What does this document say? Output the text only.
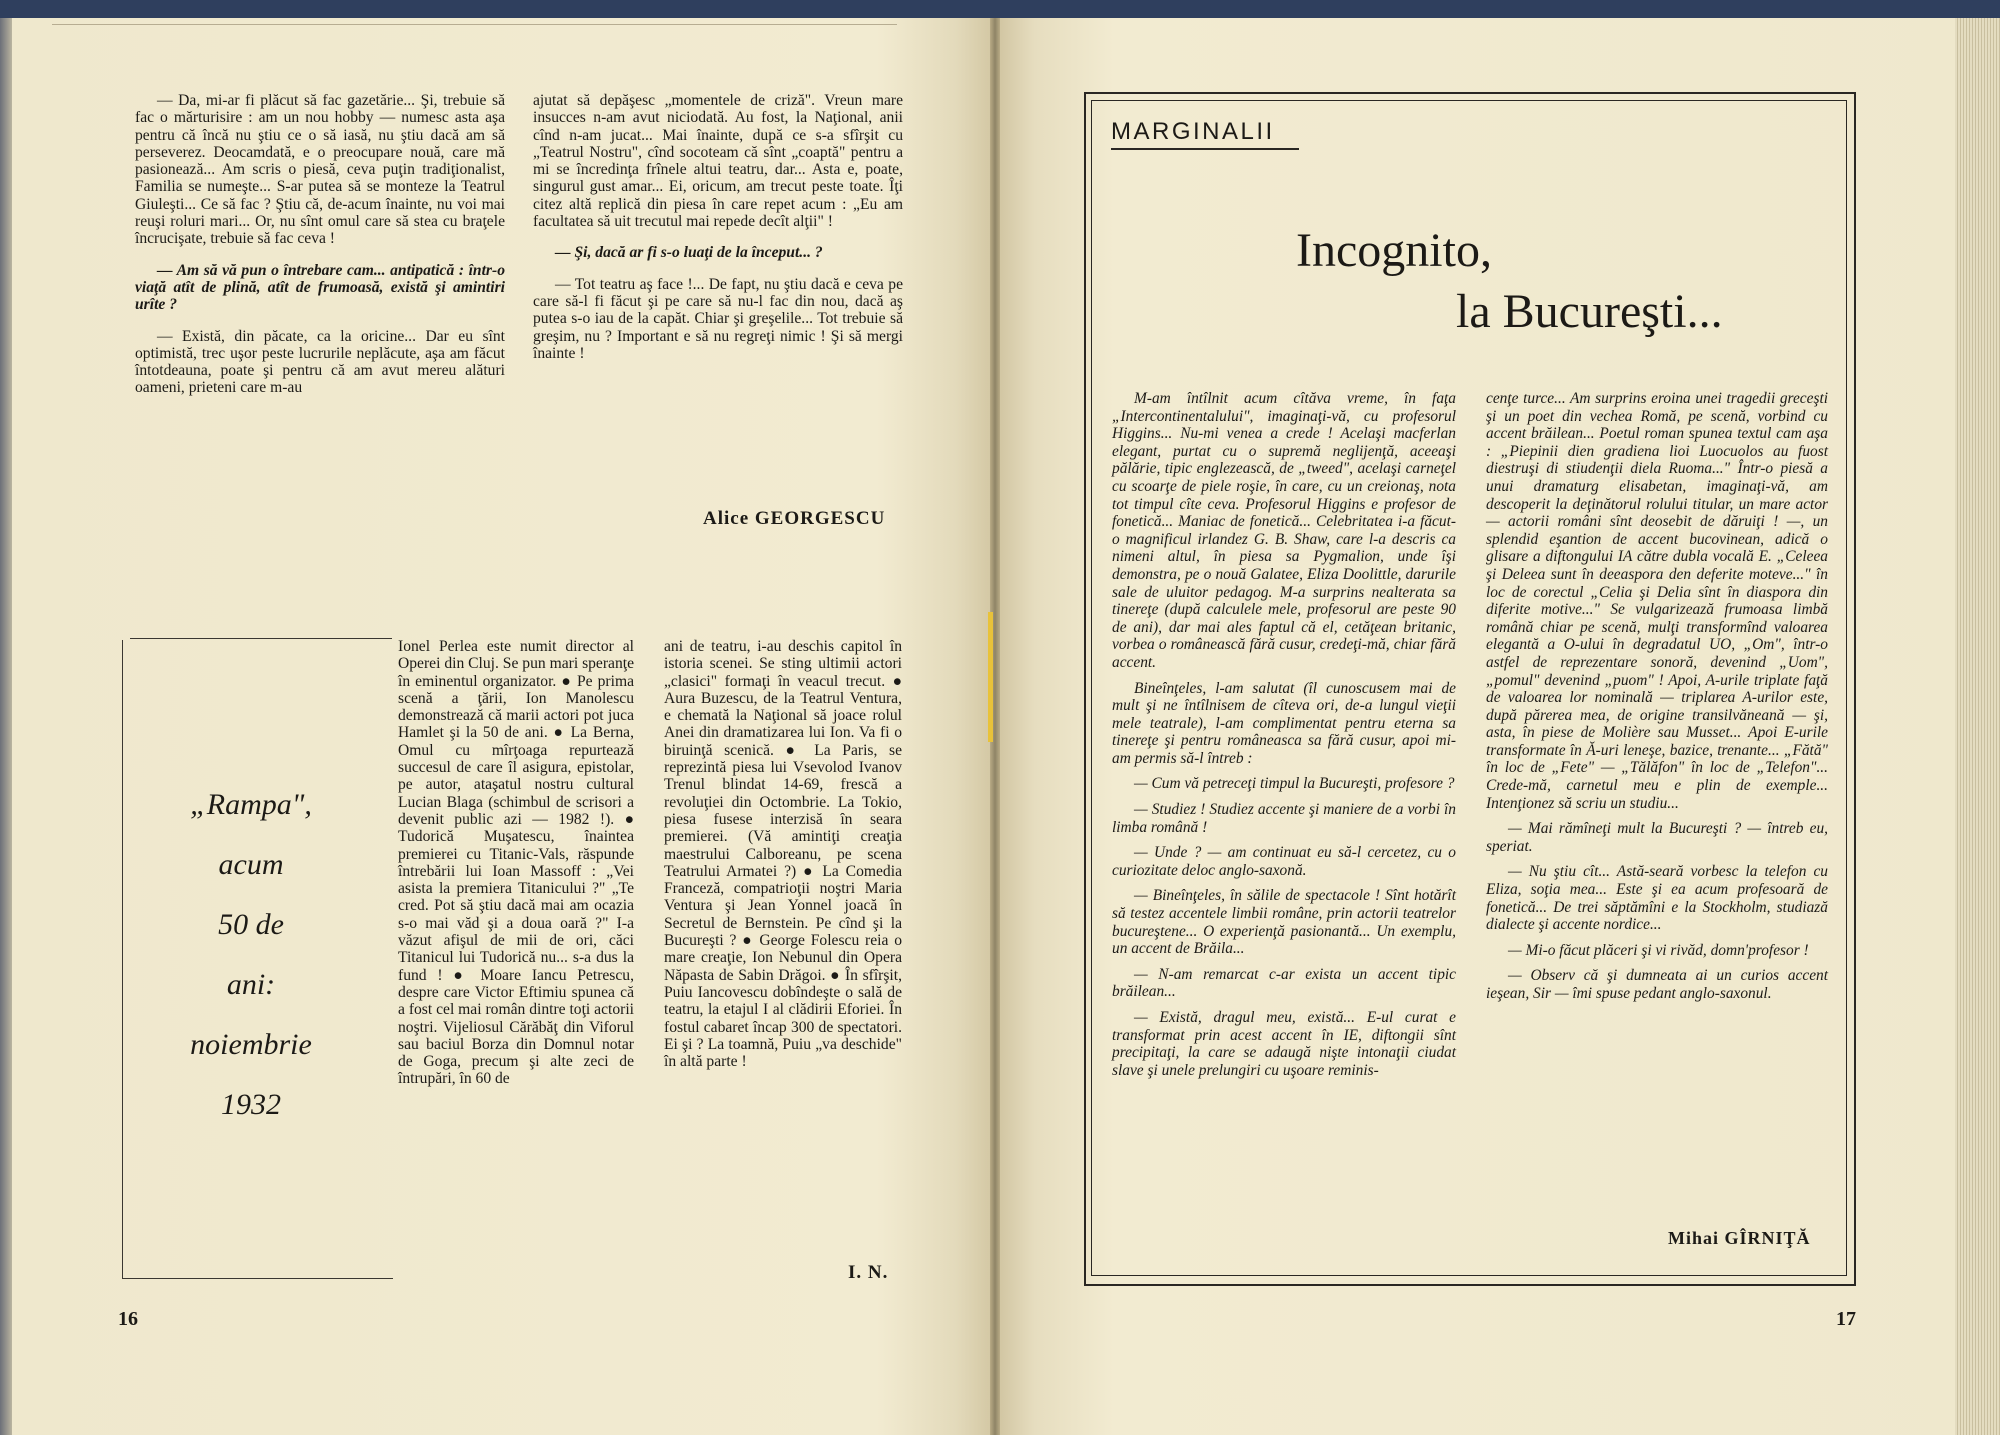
— Da, mi-ar fi plăcut să fac gazetărie... Şi, trebuie să fac o mărturisire : am un nou hobby — numesc asta aşa pentru că încă nu ştiu ce o să iasă, nu ştiu dacă am să perseverez. Deocamdată, e o preocupare nouă, care mă pasionează... Am scris o piesă, ceva puţin tradiţionalist, Familia se numeşte... S-ar putea să se monteze la Teatrul Giuleşti... Ce să fac ? Ştiu că, de-acum înainte, nu voi mai reuşi roluri mari... Or, nu sînt omul care să stea cu braţele încrucişate, trebuie să fac ceva !

— Am să vă pun o întrebare cam... antipatică : într-o viaţă atît de plină, atît de frumoasă, există şi amintiri urîte ?

— Există, din păcate, ca la oricine... Dar eu sînt optimistă, trec uşor peste lucrurile neplăcute, aşa am făcut întotdeauna, poate şi pentru că am avut mereu alături oameni, prieteni care m-au

ajutat să depăşesc „momentele de criză". Vreun mare insucces n-am avut niciodată. Au fost, la Naţional, anii cînd n-am jucat... Mai înainte, după ce s-a sfîrşit cu „Teatrul Nostru", cînd socoteam că sînt „coaptă" pentru a mi se încredinţa frînele altui teatru, dar... Asta e, poate, singurul gust amar... Ei, oricum, am trecut peste toate. Îţi citez altă replică din piesa în care repet acum : „Eu am facultatea să uit trecutul mai repede decît alţii" !

— Şi, dacă ar fi s-o luaţi de la început... ?

— Tot teatru aş face !... De fapt, nu ştiu dacă e ceva pe care să-l fi făcut şi pe care să nu-l fac din nou, dacă aş putea s-o iau de la capăt. Chiar şi greşelile... Tot trebuie să greşim, nu ? Important e să nu regreţi nimic ! Şi să mergi înainte !

Alice GEORGESCU
„Rampa",
acum
50 de
ani:
noiembrie
1932
Ionel Perlea este numit director al Operei din Cluj. Se pun mari speranţe în eminentul organizator. ● Pe prima scenă a ţării, Ion Manolescu demonstrează că marii actori pot juca Hamlet şi la 50 de ani. ● La Berna, Omul cu mîrţoaga repurtează succesul de care îl asigura, epistolar, pe autor, ataşatul nostru cultural Lucian Blaga (schimbul de scrisori a devenit public azi — 1982 !). ● Tudorică Muşatescu, înaintea premierei cu Titanic-Vals, răspunde întrebării lui Ioan Massoff : „Vei asista la premiera Titanicului ?" „Te cred. Pot să ştiu dacă mai am ocazia s-o mai văd şi a doua oară ?" I-a văzut afişul de mii de ori, căci Titanicul lui Tudorică nu... s-a dus la fund ! ● Moare Iancu Petrescu, despre care Victor Eftimiu spunea că a fost cel mai român dintre toţi actorii noştri. Vijeliosul Cărăbăţ din Viforul sau baciul Borza din Domnul notar de Goga, precum şi alte zeci de întrupări, în 60 de
ani de teatru, i-au deschis capitol în istoria scenei. Se sting ultimii actori „clasici" formaţi în veacul trecut. ● Aura Buzescu, de la Teatrul Ventura, e chemată la Naţional să joace rolul Anei din dramatizarea lui Ion. Va fi o biruinţă scenică. ● La Paris, se reprezintă piesa lui Vsevolod Ivanov Trenul blindat 14-69, frescă a revoluţiei din Octombrie. La Tokio, piesa fusese interzisă în seara premierei. (Vă amintiţi creaţia maestrului Calboreanu, pe scena Teatrului Armatei ?) ● La Comedia Franceză, compatrioţii noştri Maria Ventura şi Jean Yonnel joacă în Secretul de Bernstein. Pe cînd şi la Bucureşti ? ● George Folescu reia o mare creaţie, Ion Nebunul din Opera Năpasta de Sabin Drăgoi. ● În sfîrşit, Puiu Iancovescu dobîndeşte o sală de teatru, la etajul I al clădirii Eforiei. În fostul cabaret încap 300 de spectatori. Ei şi ? La toamnă, Puiu „va deschide" în altă parte !
I. N.
16
MARGINALII
Incognito,
la Bucureşti...

M-am întîlnit acum cîtăva vreme, în faţa „Intercontinentalului", imaginaţi-vă, cu profesorul Higgins... Nu-mi venea a crede ! Acelaşi macferlan elegant, purtat cu o supremă neglijenţă, aceeaşi pălărie, tipic englezească, de „tweed", acelaşi carneţel cu scoarţe de piele roşie, în care, cu un creionaş, nota tot timpul cîte ceva. Profesorul Higgins e profesor de fonetică... Maniac de fonetică... Celebritatea i-a făcut-o magnificul irlandez G. B. Shaw, care l-a descris ca nimeni altul, în piesa sa Pygmalion, unde îşi demonstra, pe o nouă Galatee, Eliza Doolittle, darurile sale de uluitor pedagog. M-a surprins nealterata sa tinereţe (după calculele mele, profesorul are peste 90 de ani), dar mai ales faptul că el, cetăţean britanic, vorbea o românească fără cusur, credeţi-mă, chiar fără accent.

Bineînţeles, l-am salutat (îl cunoscusem mai de mult şi ne întîlnisem de cîteva ori, de-a lungul vieţii mele teatrale), l-am complimentat pentru eterna sa tinereţe şi pentru româneasca sa fără cusur, apoi mi-am permis să-l întreb :

— Cum vă petreceţi timpul la Bucureşti, profesore ?

— Studiez ! Studiez accente şi maniere de a vorbi în limba română !

— Unde ? — am continuat eu să-l cercetez, cu o curiozitate deloc anglo-saxonă.

— Bineînţeles, în sălile de spectacole ! Sînt hotărît să testez accentele limbii române, prin actorii teatrelor bucureştene... O experienţă pasionantă... Un exemplu, un accent de Brăila...

— N-am remarcat c-ar exista un accent tipic brăilean...

— Există, dragul meu, există... E-ul curat e transformat prin acest accent în IE, diftongii sînt precipitaţi, la care se adaugă nişte intonaţii ciudat slave şi unele prelungiri cu uşoare reminis-

cenţe turce... Am surprins eroina unei tragedii greceşti şi un poet din vechea Romă, pe scenă, vorbind cu accent brăilean... Poetul roman spunea textul cam aşa : „Piepinii dien gradiena lioi Luocuolos au fuost diestruşi di stiudenţii diela Ruoma..." Într-o piesă a unui dramaturg elisabetan, imaginaţi-vă, am descoperit la deţinătorul rolului titular, un mare actor — actorii români sînt deosebit de dăruiţi ! —, un splendid eşantion de accent bucovinean, adică o glisare a diftongului IA către dubla vocală E. „Celeea şi Deleea sunt în deeaspora den deferite moteve..." în loc de corectul „Celia şi Delia sînt în diaspora din diferite motive..." Se vulgarizează frumoasa limbă română chiar pe scenă, mulţi transformînd valoarea elegantă a O-ului în degradatul UO, „Om", într-o astfel de reprezentare sonoră, devenind „Uom", „pomul" devenind „puom" ! Apoi, A-urile triplate faţă de valoarea lor nominală — triplarea A-urilor este, după părerea mea, de origine transilvăneană — şi, asta, în piese de Molière sau Musset... Apoi E-urile transformate în Ă-uri leneşe, bazice, trenante... „Fătă" în loc de „Fete" — „Tălăfon" în loc de „Telefon"... Crede-mă, carnetul meu e plin de exemple... Intenţionez să scriu un studiu...

— Mai rămîneţi mult la Bucureşti ? — întreb eu, speriat.

— Nu ştiu cît... Astă-seară vorbesc la telefon cu Eliza, soţia mea... Este şi ea acum profesoară de fonetică... De trei săptămîni e la Stockholm, studiază dialecte şi accente nordice...

— Mi-o făcut plăceri şi vi rivăd, domn'profesor !

— Observ că şi dumneata ai un curios accent ieşean, Sir — îmi spuse pedant anglo-saxonul.

Mihai GÎRNIŢĂ
17
